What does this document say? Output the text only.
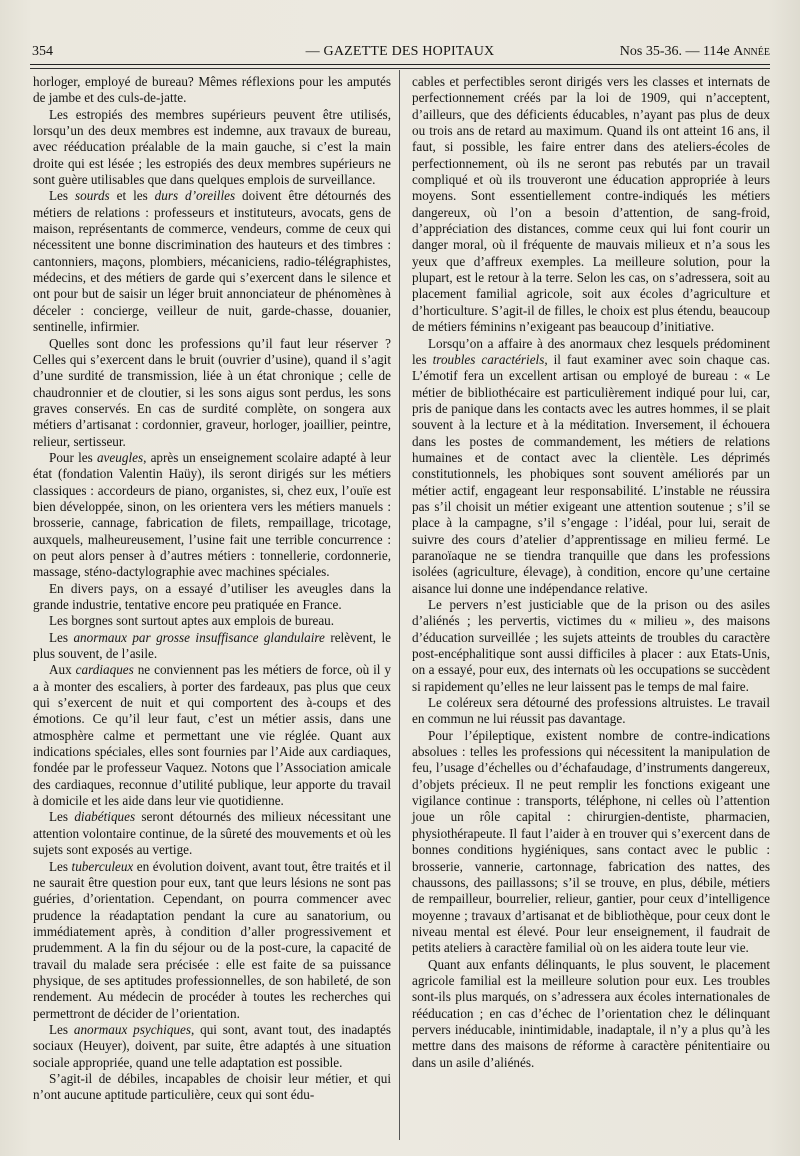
354	— GAZETTE DES HOPITAUX	Nos 35-36. — 114e Année

horloger, employé de bureau? Mêmes réflexions pour les amputés de jambe et des culs-de-jatte.

Les estropiés des membres supérieurs peuvent être utilisés, lorsqu’un des deux membres est indemne, aux travaux de bureau, avec rééducation préalable de la main gauche, si c’est la main droite qui est lésée ; les estropiés des deux membres supérieurs ne sont guère utilisables que dans quelques emplois de surveillance.

Les sourds et les durs d’oreilles doivent être détournés des métiers de relations : professeurs et instituteurs, avocats, gens de maison, représentants de commerce, vendeurs, comme de ceux qui nécessitent une bonne discrimination des hauteurs et des timbres : cantonniers, maçons, plombiers, mécaniciens, radio-télégraphistes, médecins, et des métiers de garde qui s’exercent dans le silence et ont pour but de saisir un léger bruit annonciateur de phénomènes à déceler : concierge, veilleur de nuit, garde-chasse, douanier, sentinelle, infirmier.

Quelles sont donc les professions qu’il faut leur réserver ? Celles qui s’exercent dans le bruit (ouvrier d’usine), quand il s’agit d’une surdité de transmission, liée à un état chronique ; celle de chaudronnier et de cloutier, si les sons aigus sont perdus, les sons graves conservés. En cas de surdité complète, on songera aux métiers d’artisanat : cordonnier, graveur, horloger, joaillier, peintre, relieur, sertisseur.

Pour les aveugles, après un enseignement scolaire adapté à leur état (fondation Valentin Haüy), ils seront dirigés sur les métiers classiques : accordeurs de piano, organistes, si, chez eux, l’ouïe est bien développée, sinon, on les orientera vers les métiers manuels : brosserie, cannage, fabrication de filets, rempaillage, tricotage, auxquels, malheureusement, l’usine fait une terrible concurrence : on peut alors penser à d’autres métiers : tonnellerie, cordonnerie, massage, sténo-dactylographie avec machines spéciales.

En divers pays, on a essayé d’utiliser les aveugles dans la grande industrie, tentative encore peu pratiquée en France.

Les borgnes sont surtout aptes aux emplois de bureau.

Les anormaux par grosse insuffisance glandulaire relèvent, le plus souvent, de l’asile.

Aux cardiaques ne conviennent pas les métiers de force, où il y a à monter des escaliers, à porter des fardeaux, pas plus que ceux qui s’exercent de nuit et qui comportent des à-coups et des émotions. Ce qu’il leur faut, c’est un métier assis, dans une atmosphère calme et permettant une vie réglée. Quant aux indications spéciales, elles sont fournies par l’Aide aux cardiaques, fondée par le professeur Vaquez. Notons que l’Association amicale des cardiaques, reconnue d’utilité publique, leur apporte du travail à domicile et les aide dans leur vie quotidienne.

Les diabétiques seront détournés des milieux nécessitant une attention volontaire continue, de la sûreté des mouvements et où les sujets sont exposés au vertige.

Les tuberculeux en évolution doivent, avant tout, être traités et il ne saurait être question pour eux, tant que leurs lésions ne sont pas guéries, d’orientation. Cependant, on pourra commencer avec prudence la réadaptation pendant la cure au sanatorium, ou immédiatement après, à condition d’aller progressivement et prudemment. A la fin du séjour ou de la post-cure, la capacité de travail du malade sera précisée : elle est faite de sa puissance physique, de ses aptitudes professionnelles, de son habileté, de son rendement. Au médecin de procéder à toutes les recherches qui permettront de décider de l’orientation.

Les anormaux psychiques, qui sont, avant tout, des inadaptés sociaux (Heuyer), doivent, par suite, être adaptés à une situation sociale appropriée, quand une telle adaptation est possible.

S’agit-il de débiles, incapables de choisir leur métier, et qui n’ont aucune aptitude particulière, ceux qui sont édu-

cables et perfectibles seront dirigés vers les classes et internats de perfectionnement créés par la loi de 1909, qui n’acceptent, d’ailleurs, que des déficients éducables, n’ayant pas plus de deux ou trois ans de retard au maximum. Quand ils ont atteint 16 ans, il faut, si possible, les faire entrer dans des ateliers-écoles de perfectionnement, où ils ne seront pas rebutés par un travail compliqué et où ils trouveront une éducation appropriée à leurs moyens. Sont essentiellement contre-indiqués les métiers dangereux, où l’on a besoin d’attention, de sang-froid, d’appréciation des distances, comme ceux qui lui font courir un danger moral, où il fréquente de mauvais milieux et n’a sous les yeux que d’affreux exemples. La meilleure solution, pour la plupart, est le retour à la terre. Selon les cas, on s’adressera, soit au placement familial agricole, soit aux écoles d’agriculture et d’horticulture. S’agit-il de filles, le choix est plus étendu, beaucoup de métiers féminins n’exigeant pas beaucoup d’initiative.

Lorsqu’on a affaire à des anormaux chez lesquels prédominent les troubles caractériels, il faut examiner avec soin chaque cas. L’émotif fera un excellent artisan ou employé de bureau : « Le métier de bibliothécaire est particulièrement indiqué pour lui, car, pris de panique dans les contacts avec les autres hommes, il se plait souvent à la lecture et à la méditation. Inversement, il échouera dans les postes de commandement, les métiers de relations humaines et de contact avec la clientèle. Les déprimés constitutionnels, les phobiques sont souvent améliorés par un métier actif, engageant leur responsabilité. L’instable ne réussira pas s’il choisit un métier exigeant une attention soutenue ; s’il se place à la campagne, s’il s’engage : l’idéal, pour lui, serait de suivre des cours d’atelier d’apprentissage en milieu fermé. Le paranoïaque ne se tiendra tranquille que dans les professions isolées (agriculture, élevage), à condition, encore qu’une certaine aisance lui donne une indépendance relative.

Le pervers n’est justiciable que de la prison ou des asiles d’aliénés ; les pervertis, victimes du « milieu », des maisons d’éducation surveillée ; les sujets atteints de troubles du caractère post-encéphalitique sont aussi difficiles à placer : aux Etats-Unis, on a essayé, pour eux, des internats où les occupations se succèdent si rapidement qu’elles ne leur laissent pas le temps de mal faire.

Le coléreux sera détourné des professions altruistes. Le travail en commun ne lui réussit pas davantage.

Pour l’épileptique, existent nombre de contre-indications absolues : telles les professions qui nécessitent la manipulation de feu, l’usage d’échelles ou d’échafaudage, d’instruments dangereux, d’objets précieux. Il ne peut remplir les fonctions exigeant une vigilance continue : transports, téléphone, ni celles où l’attention joue un rôle capital : chirurgien-dentiste, pharmacien, physiothérapeute. Il faut l’aider à en trouver qui s’exercent dans de bonnes conditions hygiéniques, sans contact avec le public : brosserie, vannerie, cartonnage, fabrication des nattes, des chaussons, des paillassons; s’il se trouve, en plus, débile, métiers de rempailleur, bourrelier, relieur, gantier, pour ceux d’intelligence moyenne ; travaux d’artisanat et de bibliothèque, pour ceux dont le niveau mental est élevé. Pour leur enseignement, il faudrait de petits ateliers à caractère familial où on les aidera toute leur vie.

Quant aux enfants délinquants, le plus souvent, le placement agricole familial est la meilleure solution pour eux. Les troubles sont-ils plus marqués, on s’adressera aux écoles internationales de rééducation ; en cas d’échec de l’orientation chez le délinquant pervers inéducable, inintimidable, inadaptale, il n’y a plus qu’à les mettre dans des maisons de réforme à caractère pénitentiaire ou dans un asile d’aliénés.
